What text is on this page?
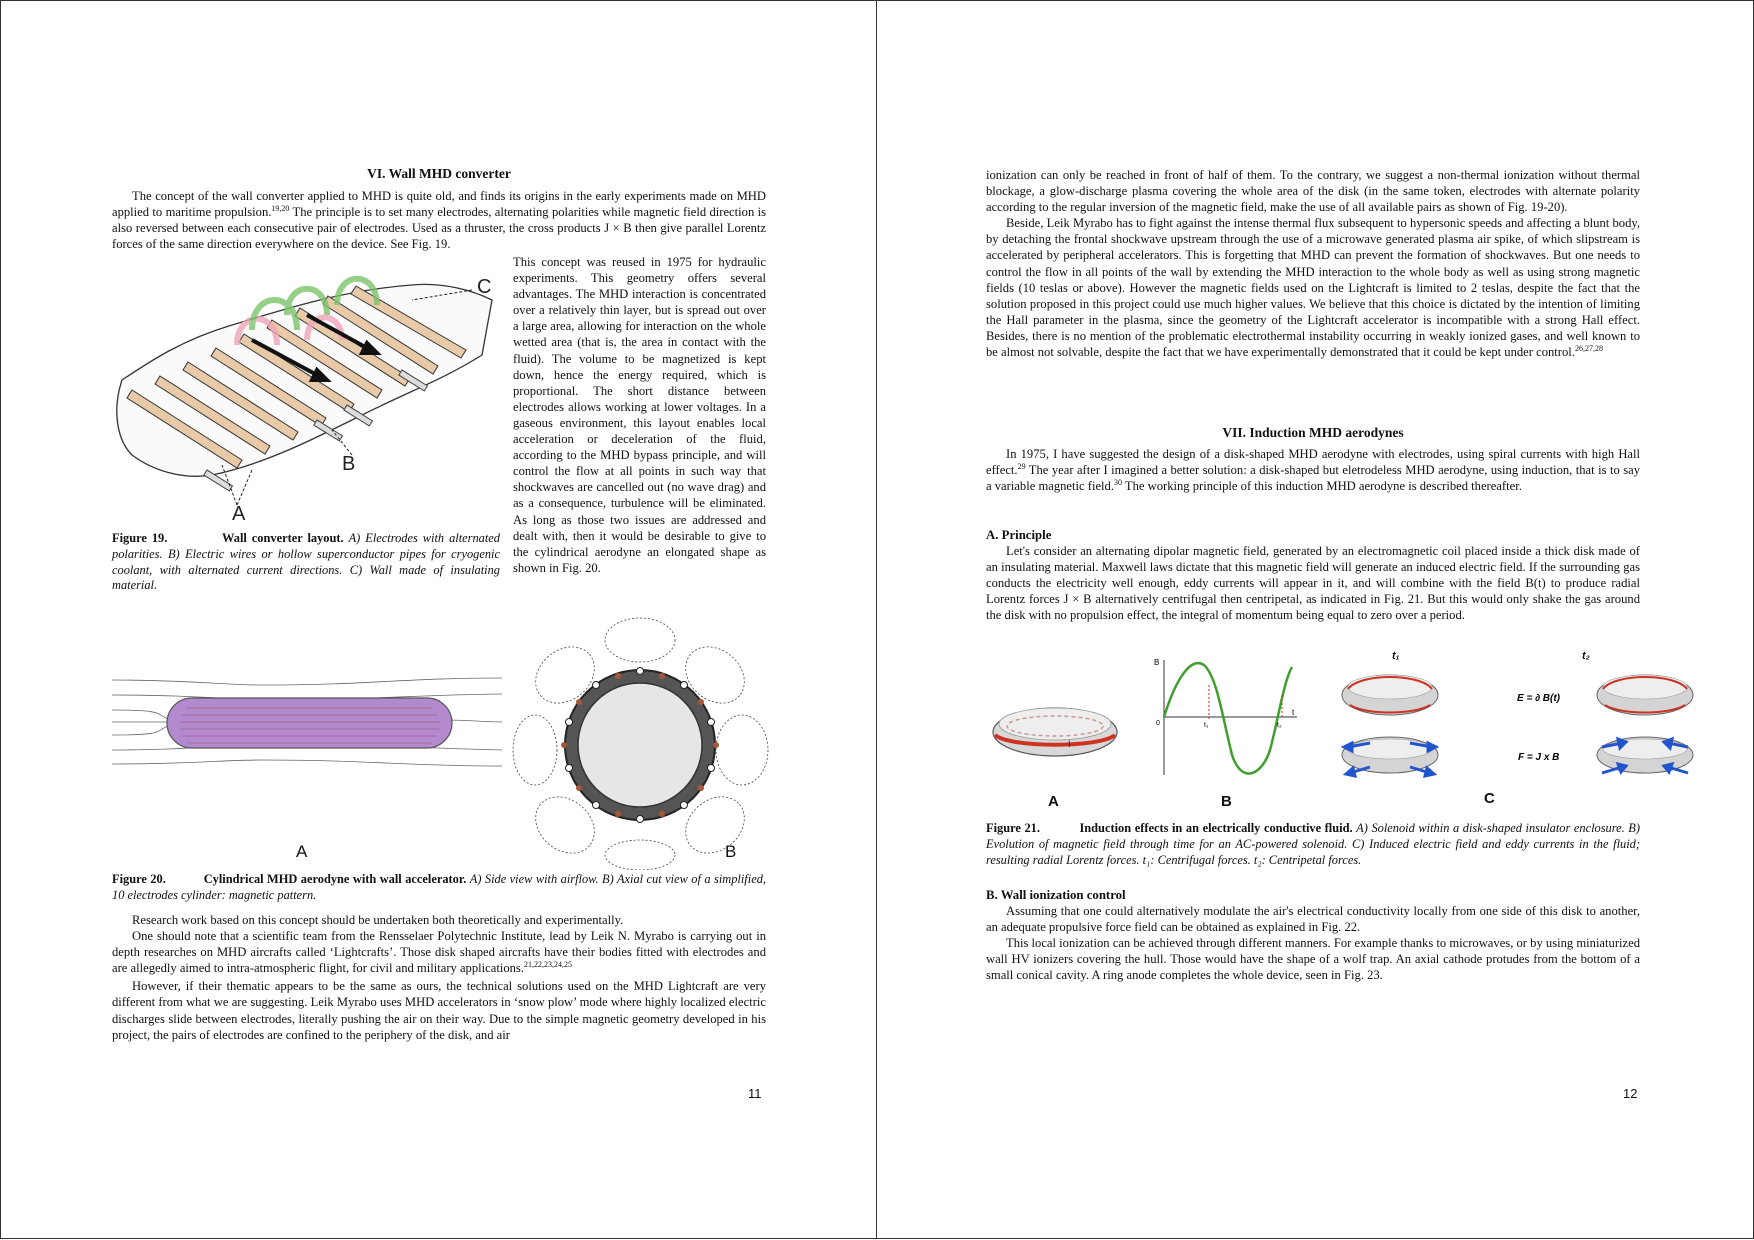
VI. Wall MHD converter

The concept of the wall converter applied to MHD is quite old, and finds its origins in the early experiments made on MHD applied to maritime propulsion.$^{19,20}$ The principle is to set many electrodes, alternating polarities while magnetic field direction is also reversed between each consecutive pair of electrodes. Used as a thruster, the cross products J × B then give parallel Lorentz forces of the same direction everywhere on the device. See Fig. 19.

A
B
C

Figure 19.	Wall converter layout. A) Electrodes with alternated polarities. B) Electric wires or hollow superconductor pipes for cryogenic coolant, with alternated current directions. C) Wall made of insulating material.

This concept was reused in 1975 for hydraulic experiments. This geometry offers several advantages. The MHD interaction is concentrated over a relatively thin layer, but is spread out over a large area, allowing for interaction on the whole wetted area (that is, the area in contact with the fluid). The volume to be magnetized is kept down, hence the energy required, which is proportional. The short distance between electrodes allows working at lower voltages. In a gaseous environment, this layout enables local acceleration or deceleration of the fluid, according to the MHD bypass principle, and will control the flow at all points in such way that shockwaves are cancelled out (no wave drag) and as a consequence, turbulence will be eliminated. As long as those two issues are addressed and dealt with, then it would be desirable to give to the cylindrical aerodyne an elongated shape as shown in Fig. 20.

A	B

Figure 20.	Cylindrical MHD aerodyne with wall accelerator. A) Side view with airflow. B) Axial cut view of a simplified, 10 electrodes cylinder: magnetic pattern.

Research work based on this concept should be undertaken both theoretically and experimentally.

One should note that a scientific team from the Rensselaer Polytechnic Institute, lead by Leik N. Myrabo is carrying out in depth researches on MHD aircrafts called ‘Lightcrafts’. Those disk shaped aircrafts have their bodies fitted with electrodes and are allegedly aimed to intra-atmospheric flight, for civil and military applications.$^{21,22,23,24,25}$

However, if their thematic appears to be the same as ours, the technical solutions used on the MHD Lightcraft are very different from what we are suggesting. Leik Myrabo uses MHD accelerators in ‘snow plow’ mode where highly localized electric discharges slide between electrodes, literally pushing the air on their way. Due to the simple magnetic geometry developed in his project, the pairs of electrodes are confined to the periphery of the disk, and air

11

ionization can only be reached in front of half of them. To the contrary, we suggest a non-thermal ionization without thermal blockage, a glow-discharge plasma covering the whole area of the disk (in the same token, electrodes with alternate polarity according to the regular inversion of the magnetic field, make the use of all available pairs as shown of Fig. 19-20).

Beside, Leik Myrabo has to fight against the intense thermal flux subsequent to hypersonic speeds and affecting a blunt body, by detaching the frontal shockwave upstream through the use of a microwave generated plasma air spike, of which slipstream is accelerated by peripheral accelerators. This is forgetting that MHD can prevent the formation of shockwaves. But one needs to control the flow in all points of the wall by extending the MHD interaction to the whole body as well as using strong magnetic fields (10 teslas or above). However the magnetic fields used on the Lightcraft is limited to 2 teslas, despite the fact that the solution proposed in this project could use much higher values. We believe that this choice is dictated by the intention of limiting the Hall parameter in the plasma, since the geometry of the Lightcraft accelerator is incompatible with a strong Hall effect. Besides, there is no mention of the problematic electrothermal instability occurring in weakly ionized gases, and well known to be almost not solvable, despite the fact that we have experimentally demonstrated that it could be kept under control.$^{26,27,28}$

VII. Induction MHD aerodynes

In 1975, I have suggested the design of a disk-shaped MHD aerodyne with electrodes, using spiral currents with high Hall effect.$^{29}$ The year after I imagined a better solution: a disk-shaped but eletrodeless MHD aerodyne, using induction, that is to say a variable magnetic field.$^{30}$ The working principle of this induction MHD aerodyne is described thereafter.

A. Principle

Let's consider an alternating dipolar magnetic field, generated by an electromagnetic coil placed inside a thick disk made of an insulating material. Maxwell laws dictate that this magnetic field will generate an induced electric field. If the surrounding gas conducts the electricity well enough, eddy currents will appear in it, and will combine with the field B(t) to produce radial Lorentz forces J × B alternatively centrifugal then centripetal, as indicated in Fig. 21. But this would only shake the gas around the disk with no propulsion effect, the integral of momentum being equal to zero over a period.

I
A
B
t
0	t₁	t₂
B
t₁	t₂
E = ∂ B(t)
F = J x B
C

Figure 21.	Induction effects in an electrically conductive fluid. A) Solenoid within a disk-shaped insulator enclosure. B) Evolution of magnetic field through time for an AC-powered solenoid. C) Induced electric field and eddy currents in the fluid; resulting radial Lorentz forces. t₁: Centrifugal forces. t₂: Centripetal forces.

B. Wall ionization control

Assuming that one could alternatively modulate the air's electrical conductivity locally from one side of this disk to another, an adequate propulsive force field can be obtained as explained in Fig. 22.

This local ionization can be achieved through different manners. For example thanks to microwaves, or by using miniaturized wall HV ionizers covering the hull. Those would have the shape of a wolf trap. An axial cathode protudes from the bottom of a small conical cavity. A ring anode completes the whole device, seen in Fig. 23.

12
